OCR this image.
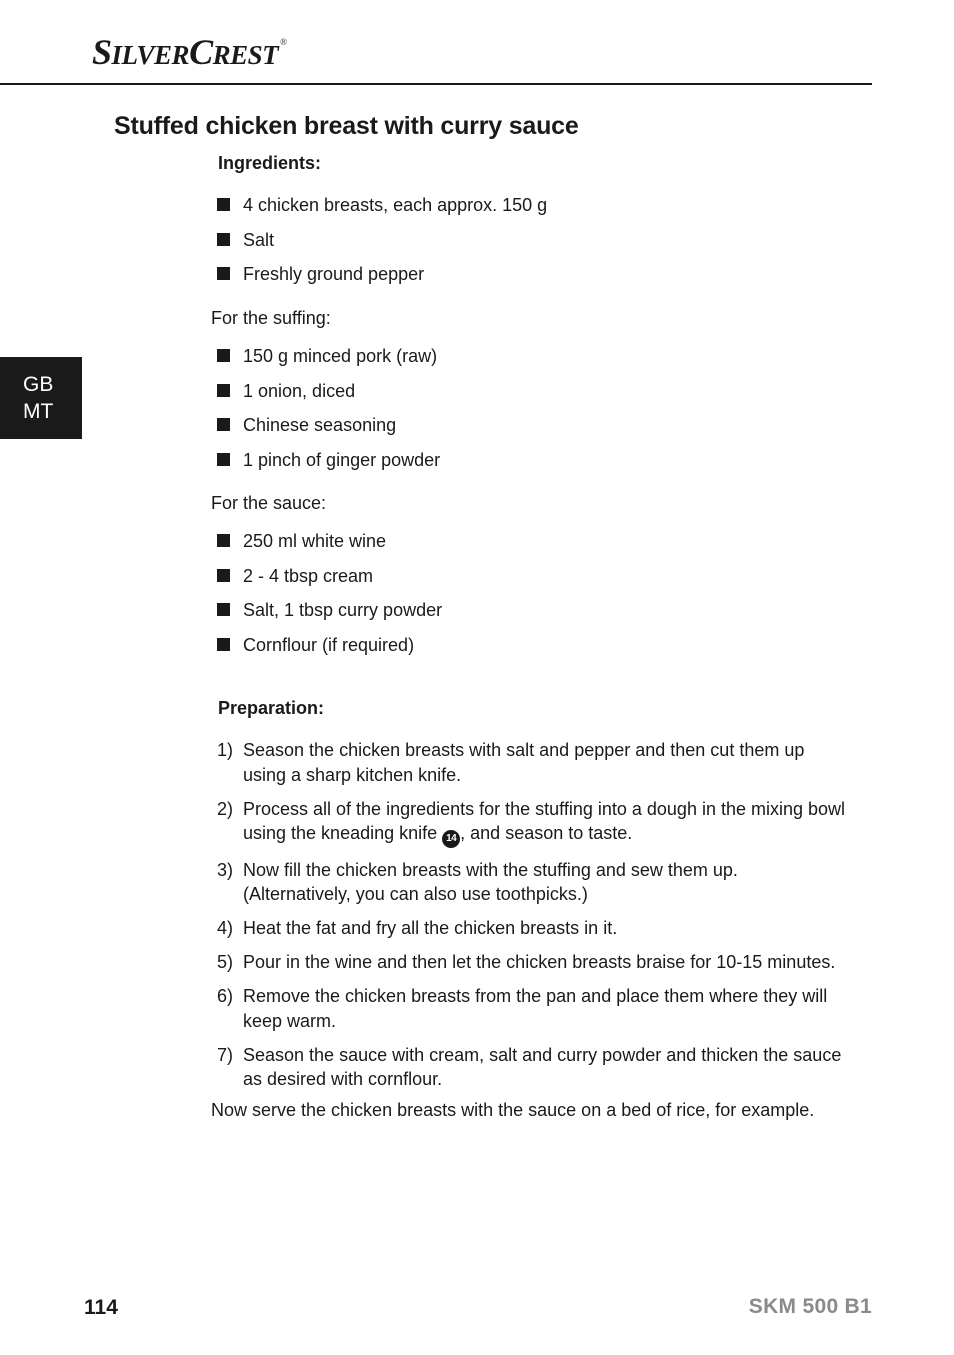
SILVERCREST ®
Stuffed chicken breast with curry sauce
Ingredients:
4 chicken breasts, each approx. 150 g
Salt
Freshly ground pepper

For the suffing:

150 g minced pork (raw)
1 onion, diced
Chinese seasoning
1 pinch of ginger powder

For the sauce:

250 ml white wine
2 - 4 tbsp cream
Salt, 1 tbsp curry powder
Cornflour (if required)
Preparation:
1) Season the chicken breasts with salt and pepper and then cut them up using a sharp kitchen knife.
2) Process all of the ingredients for the stuffing into a dough in the mixing bowl using the kneading knife 14 , and season to taste.
3) Now fill the chicken breasts with the stuffing and sew them up. (Alternatively, you can also use toothpicks.)
4) Heat the fat and fry all the chicken breasts in it.
5) Pour in the wine and then let the chicken breasts braise for 10-15 minutes.
6) Remove the chicken breasts from the pan and place them where they will keep warm.
7) Season the sauce with cream, salt and curry powder and thicken the sauce as desired with cornflour.

Now serve the chicken breasts with the sauce on a bed of rice, for example.

GB
MT

114	SKM 500 B1
